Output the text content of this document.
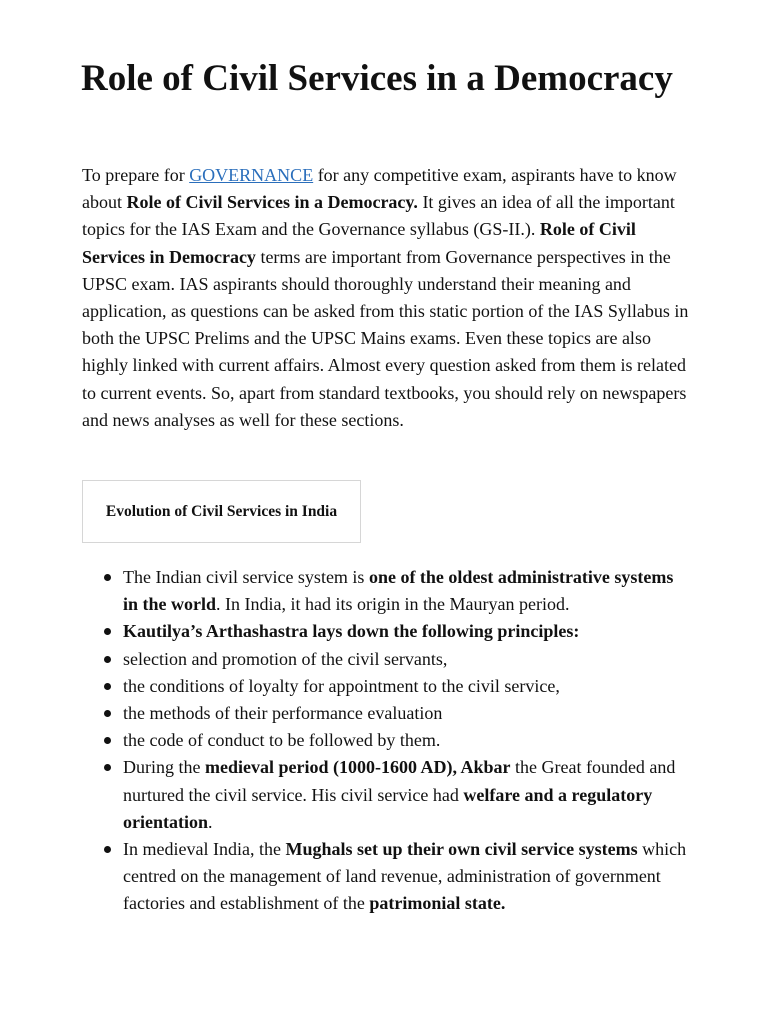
Role of Civil Services in a Democracy

To prepare for GOVERNANCE for any competitive exam, aspirants have to know about Role of Civil Services in a Democracy. It gives an idea of all the important topics for the IAS Exam and the Governance syllabus (GS-II.). Role of Civil Services in Democracy terms are important from Governance perspectives in the UPSC exam. IAS aspirants should thoroughly understand their meaning and application, as questions can be asked from this static portion of the IAS Syllabus in both the UPSC Prelims and the UPSC Mains exams. Even these topics are also highly linked with current affairs. Almost every question asked from them is related to current events. So, apart from standard textbooks, you should rely on newspapers and news analyses as well for these sections.

Evolution of Civil Services in India
The Indian civil service system is one of the oldest administrative systems in the world. In India, it had its origin in the Mauryan period.
Kautilya’s Arthashastra lays down the following principles:
selection and promotion of the civil servants,
the conditions of loyalty for appointment to the civil service,
the methods of their performance evaluation
the code of conduct to be followed by them.
During the medieval period (1000-1600 AD), Akbar the Great founded and nurtured the civil service. His civil service had welfare and a regulatory orientation.
In medieval India, the Mughals set up their own civil service systems which centred on the management of land revenue, administration of government factories and establishment of the patrimonial state.
